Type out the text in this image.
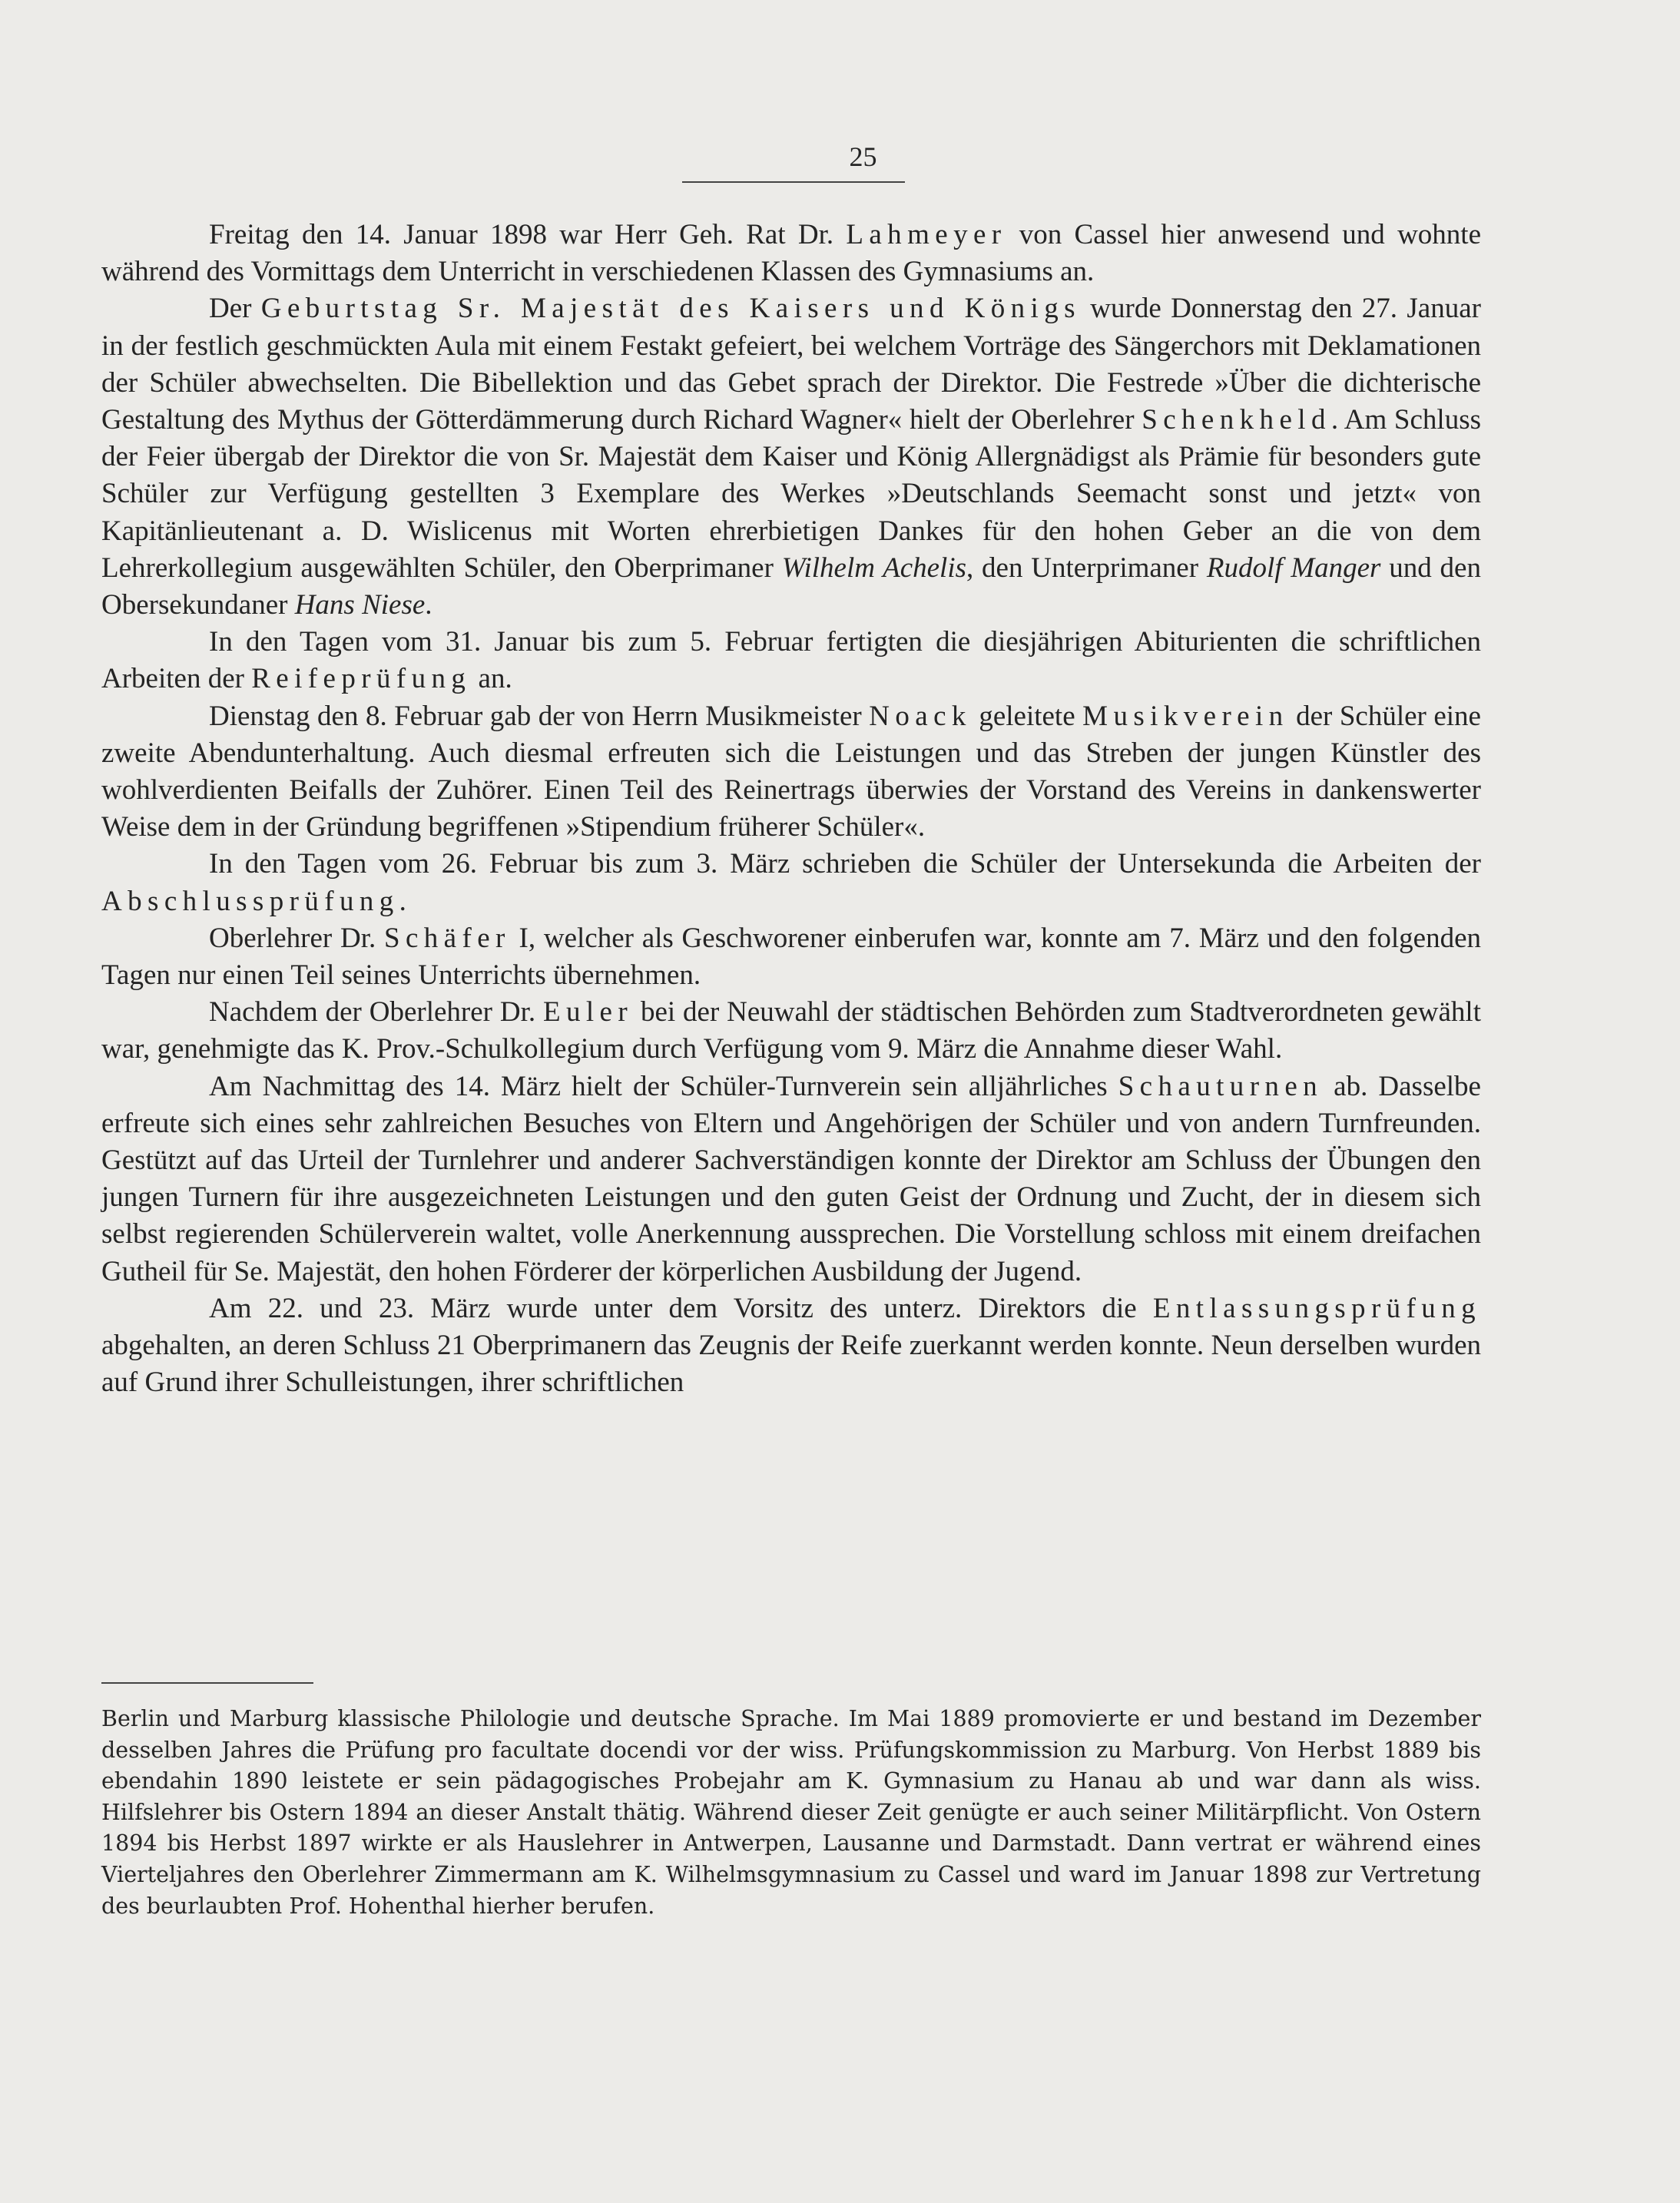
25

Freitag den 14. Januar 1898 war Herr Geh. Rat Dr. Lahmeyer von Cassel hier anwesend und wohnte während des Vormittags dem Unterricht in verschiedenen Klassen des Gymnasiums an.

Der Geburtstag Sr. Majestät des Kaisers und Königs wurde Donnerstag den 27. Januar in der festlich geschmückten Aula mit einem Festakt gefeiert, bei welchem Vorträge des Sängerchors mit Deklamationen der Schüler abwechselten. Die Bibellektion und das Gebet sprach der Direktor. Die Festrede »Über die dichterische Gestaltung des Mythus der Götterdämmerung durch Richard Wagner« hielt der Oberlehrer Schenkheld. Am Schluss der Feier übergab der Direktor die von Sr. Majestät dem Kaiser und König Allergnädigst als Prämie für besonders gute Schüler zur Verfügung gestellten 3 Exemplare des Werkes »Deutschlands Seemacht sonst und jetzt« von Kapitänlieutenant a. D. Wislicenus mit Worten ehrerbietigen Dankes für den hohen Geber an die von dem Lehrerkollegium ausgewählten Schüler, den Oberprimaner Wilhelm Achelis, den Unterprimaner Rudolf Manger und den Obersekundaner Hans Niese.

In den Tagen vom 31. Januar bis zum 5. Februar fertigten die diesjährigen Abiturienten die schriftlichen Arbeiten der Reifeprüfung an.

Dienstag den 8. Februar gab der von Herrn Musikmeister Noack geleitete Musikverein der Schüler eine zweite Abendunterhaltung. Auch diesmal erfreuten sich die Leistungen und das Streben der jungen Künstler des wohlverdienten Beifalls der Zuhörer. Einen Teil des Reinertrags überwies der Vorstand des Vereins in dankenswerter Weise dem in der Gründung begriffenen »Stipendium früherer Schüler«.

In den Tagen vom 26. Februar bis zum 3. März schrieben die Schüler der Untersekunda die Arbeiten der Abschlussprüfung.

Oberlehrer Dr. Schäfer I, welcher als Geschworener einberufen war, konnte am 7. März und den folgenden Tagen nur einen Teil seines Unterrichts übernehmen.

Nachdem der Oberlehrer Dr. Euler bei der Neuwahl der städtischen Behörden zum Stadtverordneten gewählt war, genehmigte das K. Prov.-Schulkollegium durch Verfügung vom 9. März die Annahme dieser Wahl.

Am Nachmittag des 14. März hielt der Schüler-Turnverein sein alljährliches Schauturnen ab. Dasselbe erfreute sich eines sehr zahlreichen Besuches von Eltern und Angehörigen der Schüler und von andern Turnfreunden. Gestützt auf das Urteil der Turnlehrer und anderer Sachverständigen konnte der Direktor am Schluss der Übungen den jungen Turnern für ihre ausgezeichneten Leistungen und den guten Geist der Ordnung und Zucht, der in diesem sich selbst regierenden Schülerverein waltet, volle Anerkennung aussprechen. Die Vorstellung schloss mit einem dreifachen Gutheil für Se. Majestät, den hohen Förderer der körperlichen Ausbildung der Jugend.

Am 22. und 23. März wurde unter dem Vorsitz des unterz. Direktors die Entlassungsprüfung abgehalten, an deren Schluss 21 Oberprimanern das Zeugnis der Reife zuerkannt werden konnte. Neun derselben wurden auf Grund ihrer Schulleistungen, ihrer schriftlichen

Berlin und Marburg klassische Philologie und deutsche Sprache. Im Mai 1889 promovierte er und bestand im Dezember desselben Jahres die Prüfung pro facultate docendi vor der wiss. Prüfungskommission zu Marburg. Von Herbst 1889 bis ebendahin 1890 leistete er sein pädagogisches Probejahr am K. Gymnasium zu Hanau ab und war dann als wiss. Hilfslehrer bis Ostern 1894 an dieser Anstalt thätig. Während dieser Zeit genügte er auch seiner Militärpflicht. Von Ostern 1894 bis Herbst 1897 wirkte er als Hauslehrer in Antwerpen, Lausanne und Darmstadt. Dann vertrat er während eines Vierteljahres den Oberlehrer Zimmermann am K. Wilhelmsgymnasium zu Cassel und ward im Januar 1898 zur Vertretung des beurlaubten Prof. Hohenthal hierher berufen.
